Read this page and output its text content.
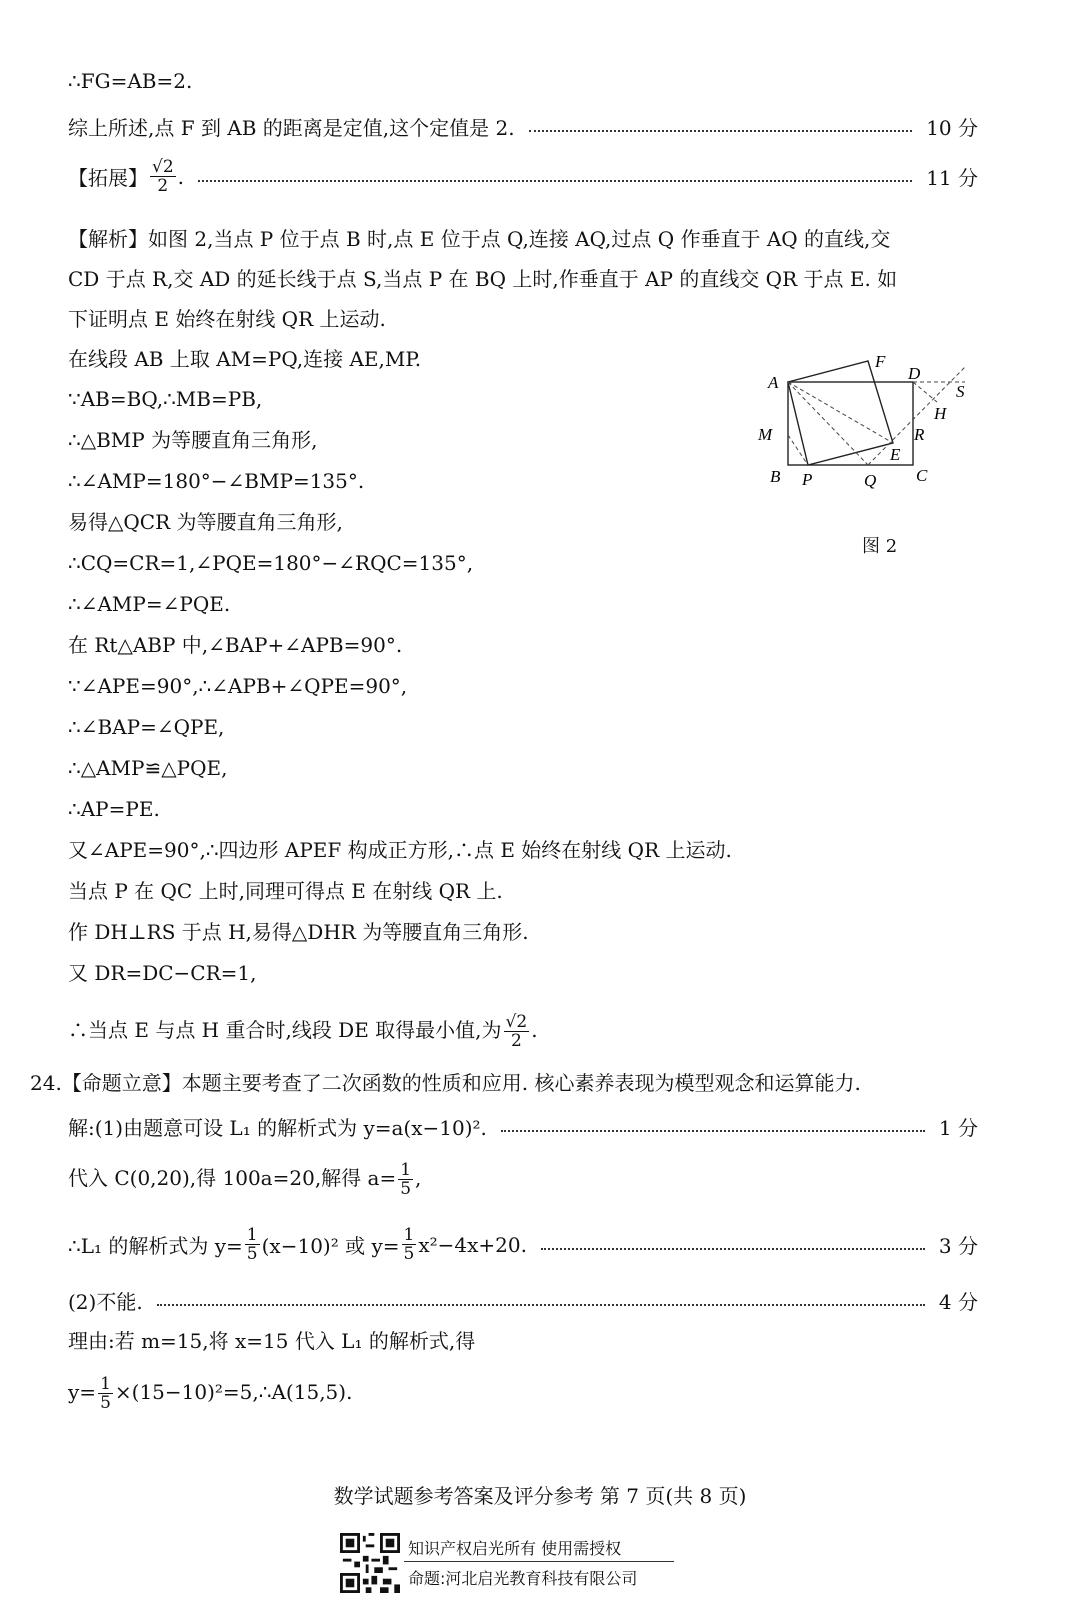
∴FG=AB=2.
综上所述,点 F 到 AB 的距离是定值,这个定值是 2.	10 分
【拓展】 $\frac{√2}{2}$ .	11 分
【解析】如图 2,当点 P 位于点 B 时,点 E 位于点 Q,连接 AQ,过点 Q 作垂直于 AQ 的直线,交
CD 于点 R,交 AD 的延长线于点 S,当点 P 在 BQ 上时,作垂直于 AP 的直线交 QR 于点 E. 如
下证明点 E 始终在射线 QR 上运动.
在线段 AB 上取 AM=PQ,连接 AE,MP.
∵AB=BQ,∴MB=PB,
∴△BMP 为等腰直角三角形,
∴∠AMP=180°−∠BMP=135°.
易得△QCR 为等腰直角三角形,
∴CQ=CR=1,∠PQE=180°−∠RQC=135°,
∴∠AMP=∠PQE.
在 Rt△ABP 中,∠BAP+∠APB=90°.
∵∠APE=90°,∴∠APB+∠QPE=90°,
∴∠BAP=∠QPE,
∴△AMP≌△PQE,
∴AP=PE.
又∠APE=90°,∴四边形 APEF 构成正方形,∴点 E 始终在射线 QR 上运动.
当点 P 在 QC 上时,同理可得点 E 在射线 QR 上.
作 DH⊥RS 于点 H,易得△DHR 为等腰直角三角形.
又 DR=DC−CR=1,
∴当点 E 与点 H 重合时,线段 DE 取得最小值,为 $\frac{√2}{2}$ .
24.【命题立意】本题主要考查了二次函数的性质和应用. 核心素养表现为模型观念和运算能力.
解:(1)由题意可设 L₁ 的解析式为 y=a(x−10)².	1 分
代入 C(0,20),得 100a=20,解得 $a= \frac{1}{5}$ ,
∴L₁ 的解析式为 $y= \frac{1}{5} (x-10)^2$ 或 $y= \frac{1}{5} x^2-4x+20$.	3 分
(2)不能.	4 分
理由:若 m=15,将 x=15 代入 L₁ 的解析式,得
$y= \frac{1}{5}$ ×(15−10)²=5,∴A(15,5).
A
B	C
D
E
F
H
M
P	Q
R
S
图 2
数学试题参考答案及评分参考 第 7 页(共 8 页)
知识产权启光所有 使用需授权
命题:河北启光教育科技有限公司
